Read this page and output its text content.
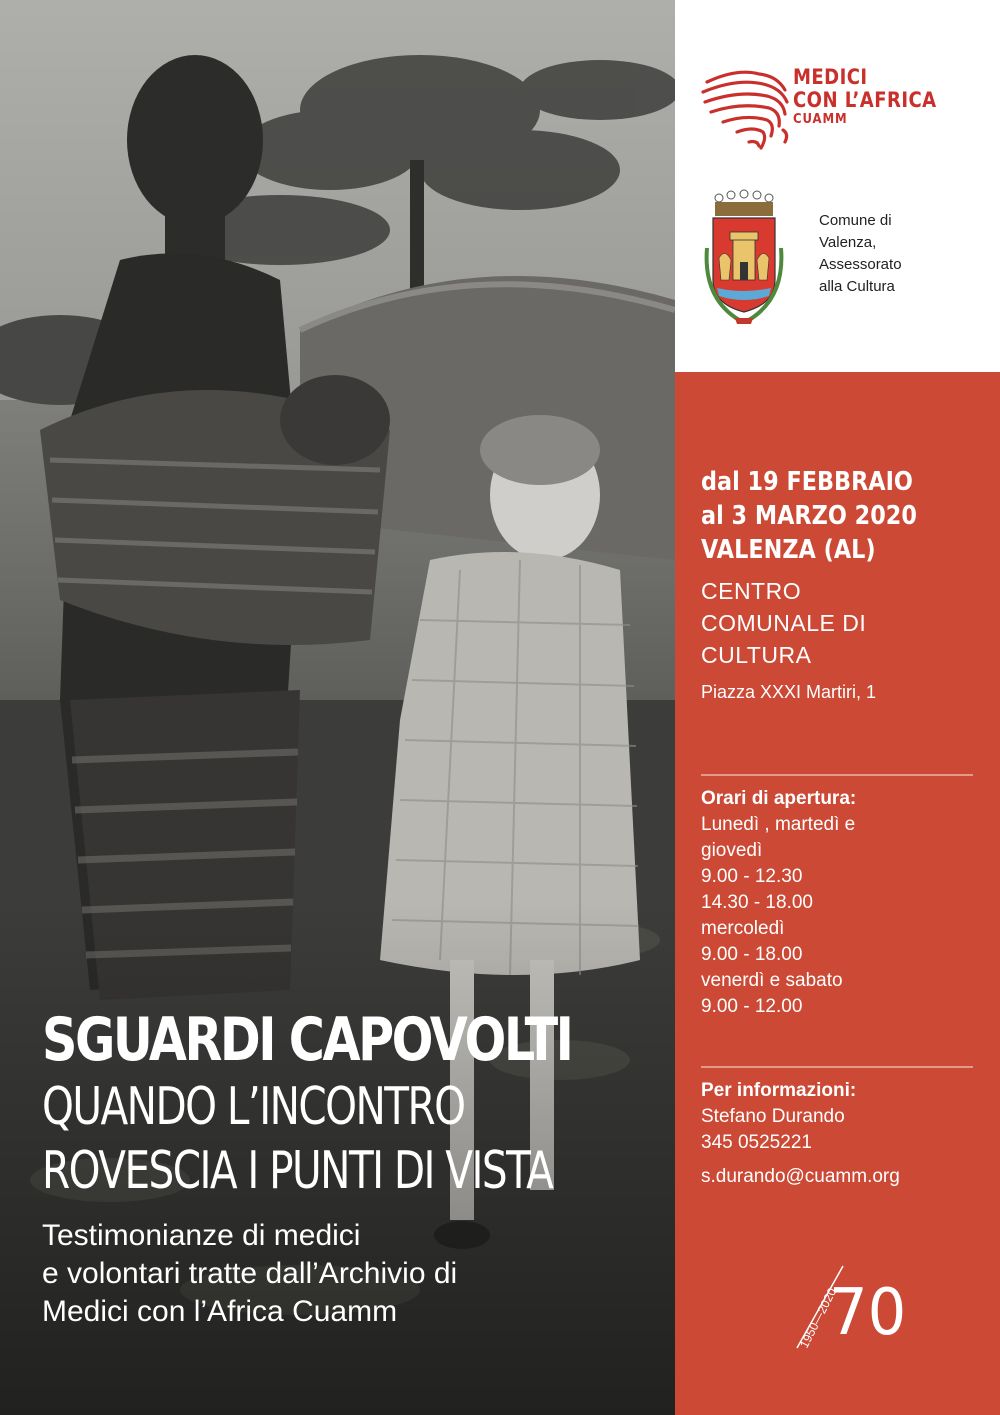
SGUARDI CAPOVOLTI
QUANDO L’INCONTRO
ROVESCIA I PUNTI DI VISTA
Testimonianze di medici
e volontari tratte dall’Archivio di
Medici con l’Africa Cuamm
MEDICI
CON L’AFRICA
CUAMM
Comune di
Valenza,
Assessorato
alla Cultura
dal 19 FEBBRAIO
al 3 MARZO 2020
VALENZA (AL)
CENTRO
COMUNALE DI
CULTURA
Piazza XXXI Martiri, 1
Orari di apertura:
Lunedì , martedì e
giovedì
9.00 - 12.30
14.30 - 18.00
mercoledì
9.00 - 18.00
venerdì e sabato
9.00 - 12.00
Per informazioni:
Stefano Durando
345 0525221
s.durando@cuamm.org
1950—2020
70
